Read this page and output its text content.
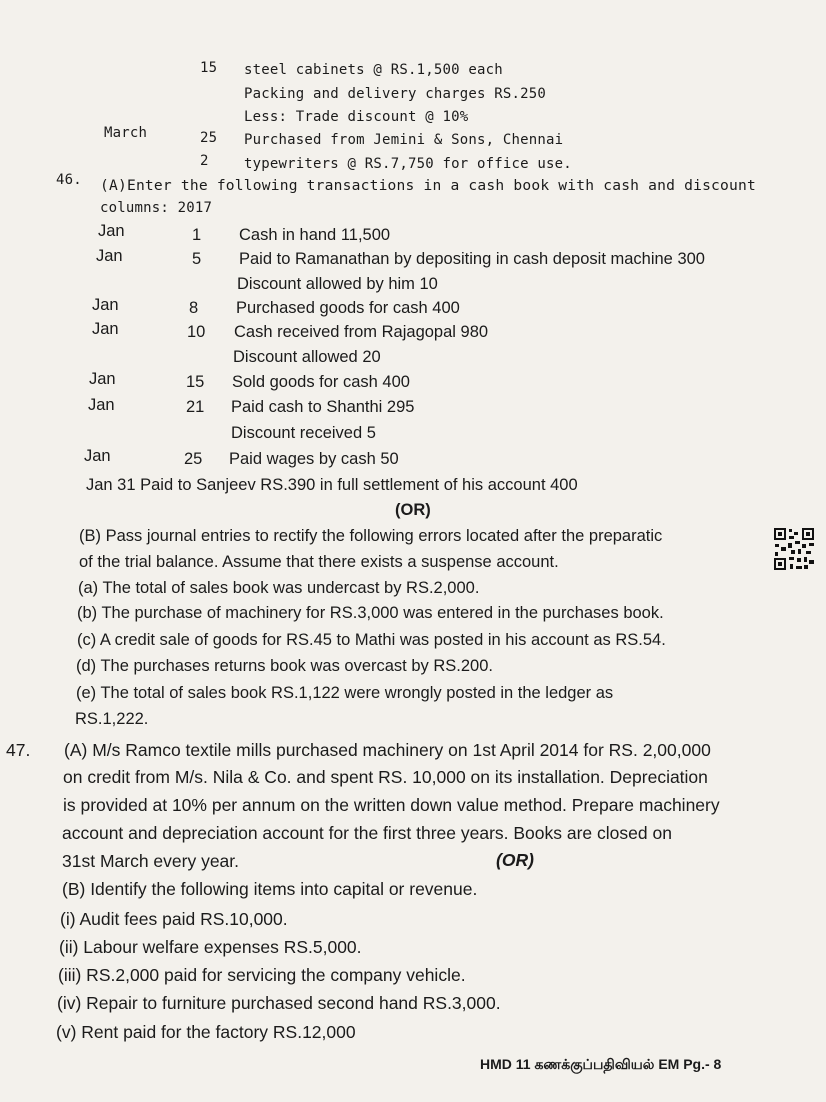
15 steel cabinets @ RS.1,500 each
Packing and delivery charges RS.250
Less: Trade discount @ 10%
March	25 Purchased from Jemini & Sons, Chennai
2	typewriters @ RS.7,750 for office use.
46. (A)Enter the following transactions in a cash book with cash and discount
columns: 2017
Jan	1 Cash in hand 11,500
Jan	5 Paid to Ramanathan by depositing in cash deposit machine 300
Discount allowed by him 10
Jan	8 Purchased goods for cash 400
Jan	10 Cash received from Rajagopal 980
Discount allowed 20
Jan	15 Sold goods for cash 400
Jan	21 Paid cash to Shanthi 295
Discount received 5
Jan	25 Paid wages by cash 50
Jan 31 Paid to Sanjeev RS.390 in full settlement of his account 400
(OR)
(B) Pass journal entries to rectify the following errors located after the preparatic
of the trial balance. Assume that there exists a suspense account.
(a) The total of sales book was undercast by RS.2,000.
(b) The purchase of machinery for RS.3,000 was entered in the purchases book.
(c) A credit sale of goods for RS.45 to Mathi was posted in his account as RS.54.
(d) The purchases returns book was overcast by RS.200.
(e) The total of sales book RS.1,122 were wrongly posted in the ledger as
RS.1,222.
47. (A) M/s Ramco textile mills purchased machinery on 1st April 2014 for RS. 2,00,000
on credit from M/s. Nila & Co. and spent RS. 10,000 on its installation. Depreciation
is provided at 10% per annum on the written down value method. Prepare machinery
account and depreciation account for the first three years. Books are closed on
31st March every year.	(OR)
(B) Identify the following items into capital or revenue.
(i) Audit fees paid RS.10,000.
(ii) Labour welfare expenses RS.5,000.
(iii) RS.2,000 paid for servicing the company vehicle.
(iv) Repair to furniture purchased second hand RS.3,000.
(v) Rent paid for the factory RS.12,000
HMD 11 கணக்குப்பதிவியல் EM Pg.- 8
